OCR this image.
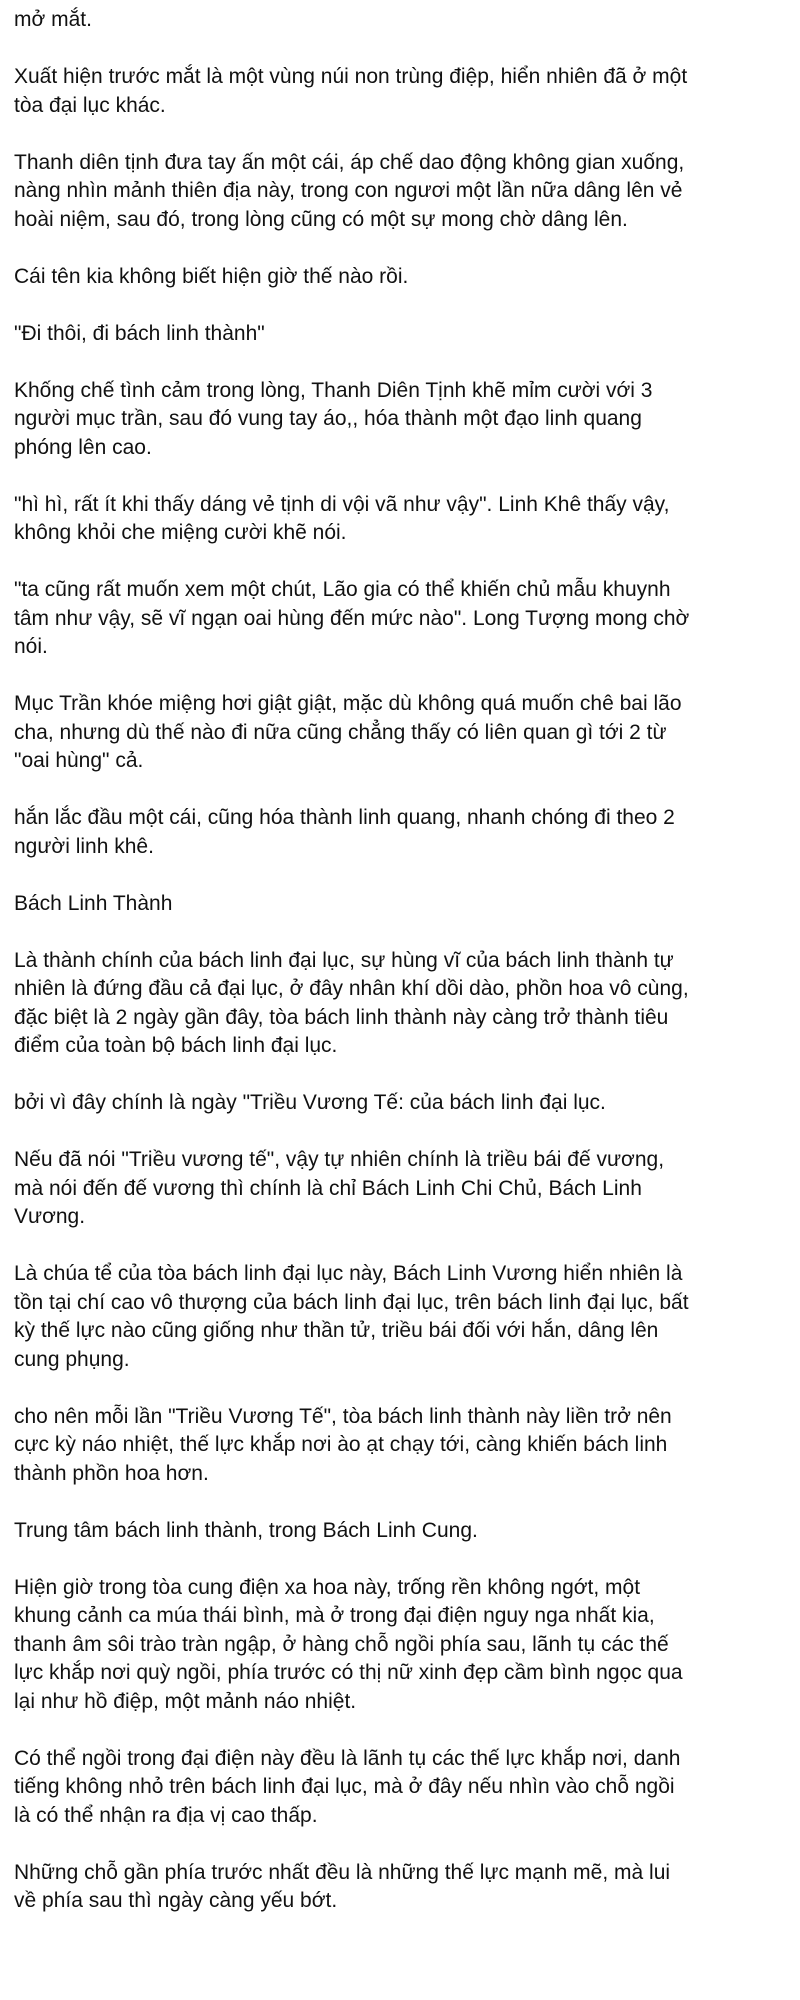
mở mắt.

Xuất hiện trước mắt là một vùng núi non trùng điệp, hiển nhiên đã ở một
tòa đại lục khác.

Thanh diên tịnh đưa tay ấn một cái, áp chế dao động không gian xuống,
nàng nhìn mảnh thiên địa này, trong con ngươi một lần nữa dâng lên vẻ
hoài niệm, sau đó, trong lòng cũng có một sự mong chờ dâng lên.

Cái tên kia không biết hiện giờ thế nào rồi.

"Đi thôi, đi bách linh thành"

Khống chế tình cảm trong lòng, Thanh Diên Tịnh khẽ mỉm cười với 3
người mục trần, sau đó vung tay áo,, hóa thành một đạo linh quang
phóng lên cao.

"hì hì, rất ít khi thấy dáng vẻ tịnh di vội vã như vậy". Linh Khê thấy vậy,
không khỏi che miệng cười khẽ nói.

"ta cũng rất muốn xem một chút, Lão gia có thể khiến chủ mẫu khuynh
tâm như vậy, sẽ vĩ ngạn oai hùng đến mức nào". Long Tượng mong chờ
nói.

Mục Trần khóe miệng hơi giật giật, mặc dù không quá muốn chê bai lão
cha, nhưng dù thế nào đi nữa cũng chẳng thấy có liên quan gì tới 2 từ
"oai hùng" cả.

hắn lắc đầu một cái, cũng hóa thành linh quang, nhanh chóng đi theo 2
người linh khê.

Bách Linh Thành

Là thành chính của bách linh đại lục, sự hùng vĩ của bách linh thành tự
nhiên là đứng đầu cả đại lục, ở đây nhân khí dồi dào, phồn hoa vô cùng,
đặc biệt là 2 ngày gần đây, tòa bách linh thành này càng trở thành tiêu
điểm của toàn bộ bách linh đại lục.

bởi vì đây chính là ngày "Triều Vương Tế: của bách linh đại lục.

Nếu đã nói "Triều vương tế", vậy tự nhiên chính là triều bái đế vương,
mà nói đến đế vương thì chính là chỉ Bách Linh Chi Chủ, Bách Linh
Vương.

Là chúa tể của tòa bách linh đại lục này, Bách Linh Vương hiển nhiên là
tồn tại chí cao vô thượng của bách linh đại lục, trên bách linh đại lục, bất
kỳ thế lực nào cũng giống như thần tử, triều bái đối với hắn, dâng lên
cung phụng.

cho nên mỗi lần "Triều Vương Tế", tòa bách linh thành này liền trở nên
cực kỳ náo nhiệt, thế lực khắp nơi ào ạt chạy tới, càng khiến bách linh
thành phồn hoa hơn.

Trung tâm bách linh thành, trong Bách Linh Cung.

Hiện giờ trong tòa cung điện xa hoa này, trống rền không ngớt, một
khung cảnh ca múa thái bình, mà ở trong đại điện nguy nga nhất kia,
thanh âm sôi trào tràn ngập, ở hàng chỗ ngồi phía sau, lãnh tụ các thế
lực khắp nơi quỳ ngồi, phía trước có thị nữ xinh đẹp cầm bình ngọc qua
lại như hồ điệp, một mảnh náo nhiệt.

Có thể ngồi trong đại điện này đều là lãnh tụ các thế lực khắp nơi, danh
tiếng không nhỏ trên bách linh đại lục, mà ở đây nếu nhìn vào chỗ ngồi
là có thể nhận ra địa vị cao thấp.

Những chỗ gần phía trước nhất đều là những thế lực mạnh mẽ, mà lui
về phía sau thì ngày càng yếu bớt.
